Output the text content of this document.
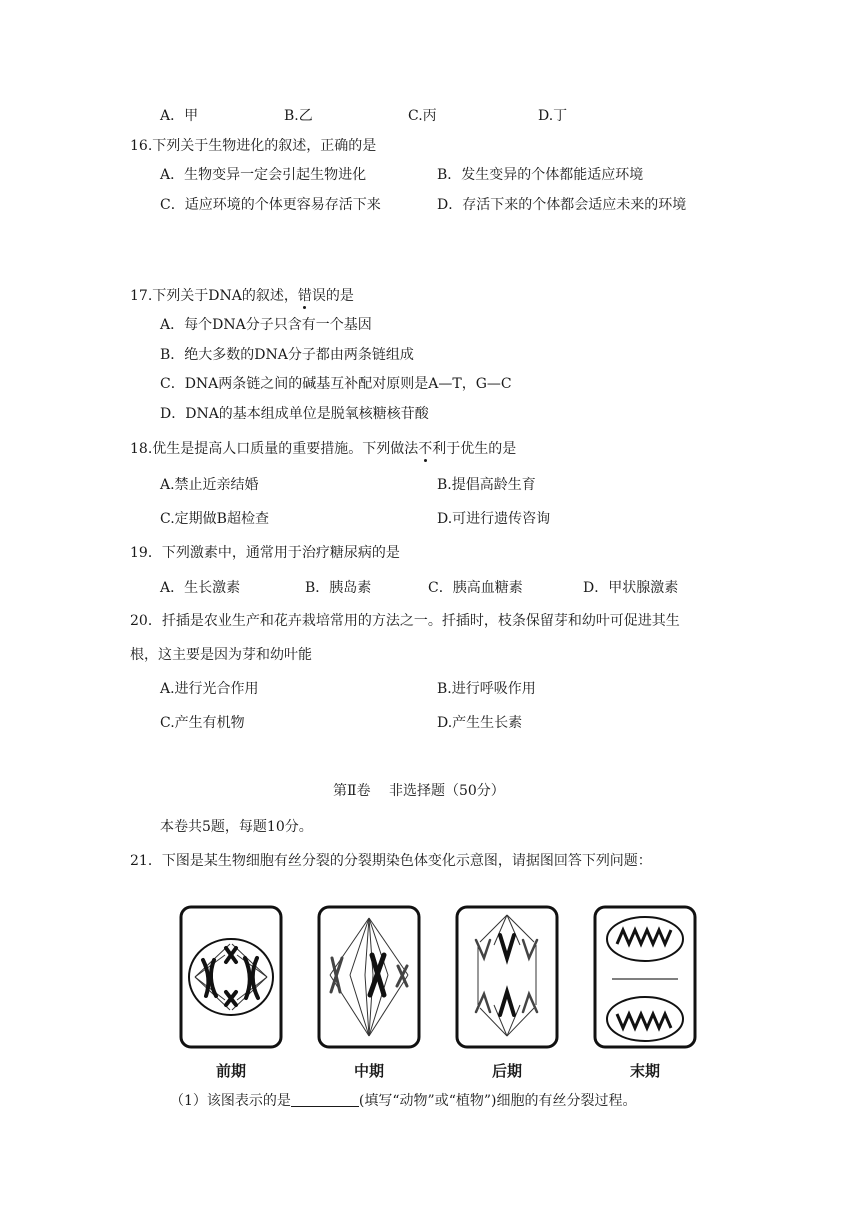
A．甲	B.乙	C.丙	D.丁
16.下列关于生物进化的叙述，正确的是
A．生物变异一定会引起生物进化	B．发生变异的个体都能适应环境
C．适应环境的个体更容易存活下来	D．存活下来的个体都会适应未来的环境
17.下列关于DNA的叙述，错误的是
A．每个DNA分子只含有一个基因
B．绝大多数的DNA分子都由两条链组成
C．DNA两条链之间的碱基互补配对原则是A—T，G—C
D．DNA的基本组成单位是脱氧核糖核苷酸
18.优生是提高人口质量的重要措施。下列做法不利于优生的是
A.禁止近亲结婚	B.提倡高龄生育
C.定期做B超检查	D.可进行遗传咨询
19．下列激素中，通常用于治疗糖尿病的是
A．生长激素	B．胰岛素	C．胰高血糖素	D．甲状腺激素
20．扦插是农业生产和花卉栽培常用的方法之一。扦插时，枝条保留芽和幼叶可促进其生
根，这主要是因为芽和幼叶能
A.进行光合作用	B.进行呼吸作用
C.产生有机物	D.产生生长素
第Ⅱ卷　 非选择题（50分）
本卷共5题，每题10分。
21．下图是某生物细胞有丝分裂的分裂期染色体变化示意图，请据图回答下列问题：
前期	中期	后期	末期
（1）该图表示的是	(填写“动物”或“植物”)细胞的有丝分裂过程。
